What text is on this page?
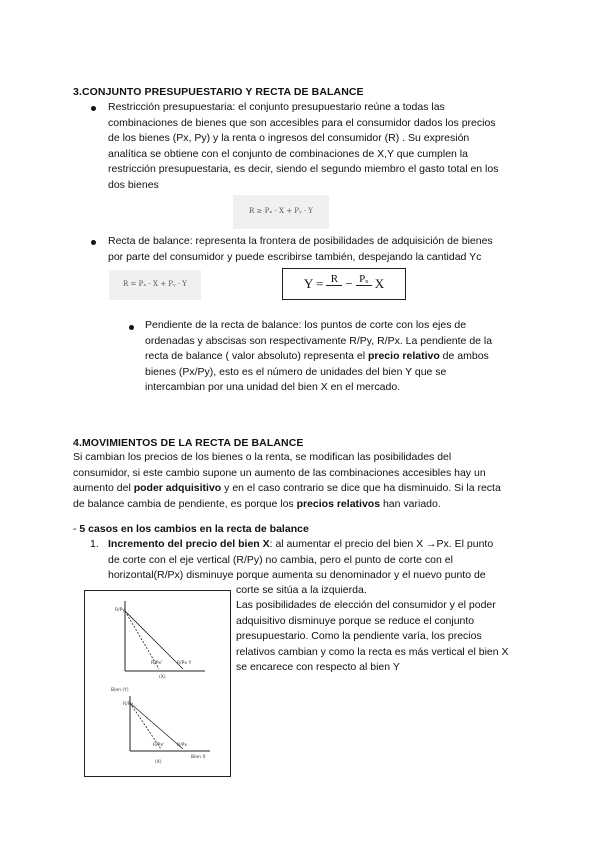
3.CONJUNTO PRESUPUESTARIO Y RECTA DE BALANCE

Restricción presupuestaria: el conjunto presupuestario reúne a todas las

combinaciones de bienes que son accesibles para el consumidor dados los precios

de los bienes (Px, Py) y la renta o ingresos del consumidor (R) . Su expresión

analítica se obtiene con el conjunto de combinaciones de X,Y que cumplen la

restricción presupuestaria, es decir, siendo el segundo miembro el gasto total en los

dos bienes

R ≥ Pₓ · X + Pᵧ · Y

Recta de balance: representa la frontera de posibilidades de adquisición de bienes

por parte del consumidor y puede escribirse también, despejando la cantidad Yc

R = Pₓ · X + Pᵧ · Y	Y = R − Pₓ X

Pendiente de la recta de balance: los puntos de corte con los ejes de

ordenadas y abscisas son respectivamente R/Py, R/Px. La pendiente de la

recta de balance ( valor absoluto) representa el precio relativo de ambos

bienes (Px/Py), esto es el número de unidades del bien Y que se

intercambian por una unidad del bien X en el mercado.

4.MOVIMIENTOS DE LA RECTA DE BALANCE

Si cambian los precios de los bienes o la renta, se modifican las posibilidades del

consumidor, si este cambio supone un aumento de las combinaciones accesibles hay un

aumento del poder adquisitivo y en el caso contrario se dice que ha disminuido. Si la recta

de balance cambia de pendiente, es porque los precios relativos han variado.

- 5 casos en los cambios en la recta de balance
1. Incremento del precio del bien X: al aumentar el precio del bien X →Px. El punto

de corte con el eje vertical (R/Py) no cambia, pero el punto de corte con el

horizontal(R/Px) disminuye porque aumenta su denominador y el nuevo punto de

corte se sitúa a la izquierda.

Las posibilidades de elección del consumidor y el poder

adquisitivo disminuye porque se reduce el conjunto

presupuestario. Como la pendiente varía, los precios

relativos cambian y como la recta es más vertical el bien X

se encarece con respecto al bien Y

R/Py
R/Px'	R/Px Y
(X)
Bien (Y)
R/Py
R/Px'	R/Px
Bien X
(X)
